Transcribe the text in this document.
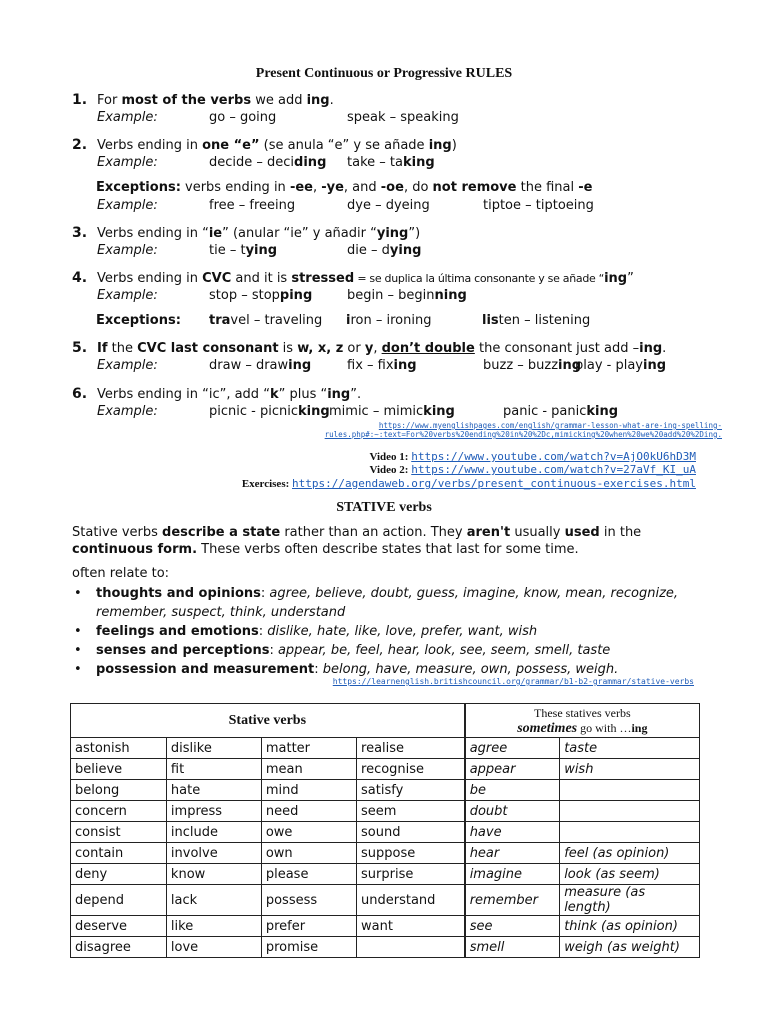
Present Continuous or Progressive RULES
1. For most of the verbs we add ing.
Example:	go – going	speak – speaking
2. Verbs ending in one “e” (se anula “e” y se añade ing)
Example:	decide – deciding take – taking
3. Verbs ending in “ie” (anular “ie” y añadir “ying”)
Example:	tie – tying	die – dying
4. Verbs ending in CVC and it is stressed = se duplica la última consonante y se añade “ing”
Example:	stop – stopping	begin – beginning
5. If the CVC last consonant is w, x, z or y, don’t double the consonant just add –ing.
Example:	draw – drawing	fix – fixing	buzz – buzzing
play - playing
6. Verbs ending in “ic”, add “k” plus “ing”.
Example:	picnic - picnicking mimic – mimicking	panic - panicking
Exceptions: verbs ending in -ee, -ye, and -oe, do not remove the final -e
Example:	free – freeing	dye – dyeing	tiptoe – tiptoeing
Exceptions: travel – traveling iron – ironing	listen – listening
https://www.myenglishpages.com/english/grammar-lesson-what-are-ing-spelling-
rules.php#:~:text=For%20verbs%20ending%20in%20%2Dc,mimicking%20when%20we%20add%20%2Ding.
Video 1: https://www.youtube.com/watch?v=AjO0kU6hD3M
Video 2: https://www.youtube.com/watch?v=27aVf_KI_uA
Exercises: https://agendaweb.org/verbs/present_continuous-exercises.html
STATIVE verbs
Stative verbs describe a state rather than an action. They aren't usually used in the continuous form. These verbs often describe states that last for some time.
often relate to:
• thoughts and opinions: agree, believe, doubt, guess, imagine, know, mean, recognize, remember, suspect, think, understand
• feelings and emotions: dislike, hate, like, love, prefer, want, wish
• senses and perceptions: appear, be, feel, hear, look, see, seem, smell, taste
• possession and measurement: belong, have, measure, own, possess, weigh.
https://learnenglish.britishcouncil.org/grammar/b1-b2-grammar/stative-verbs
Stative verbs				These statives verbs
sometimes go with …ing	
astonish	dislike	matter	realise	agree	taste
believe	fit	mean	recognise	appear	wish
belong	hate	mind	satisfy	be	
concern	impress	need	seem	doubt	
consist	include	owe	sound	have	
contain	involve	own	suppose	hear	feel (as opinion)
deny	know	please	surprise	imagine	look (as seem)
depend	lack	possess	understand	remember	measure (as length)
deserve	like	prefer	want	see	think (as opinion)
disagree	love	promise		smell	weigh (as weight)
